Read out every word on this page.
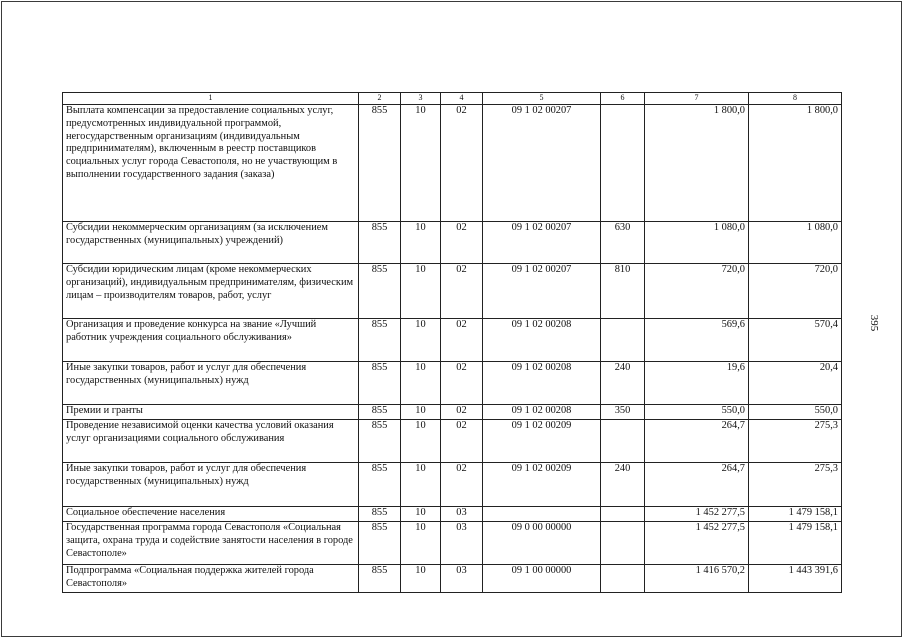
395
1	2	3	4	5	6	7	8
Выплата компенсации за предоставление социальных услуг, предусмотренных индивидуальной программой, негосударственным организациям (индивидуальным предпринимателям), включенным в реестр поставщиков социальных услуг города Севастополя, но не участвующим в выполнении государственного задания (заказа)	855	10	02	09 1 02 00207		1 800,0	1 800,0
Субсидии некоммерческим организациям (за исключением государственных (муниципальных) учреждений)	855	10	02	09 1 02 00207	630	1 080,0	1 080,0
Субсидии юридическим лицам (кроме некоммерческих организаций), индивидуальным предпринимателям, физическим лицам – производителям товаров, работ, услуг	855	10	02	09 1 02 00207	810	720,0	720,0
Организация и проведение конкурса на звание «Лучший работник учреждения социального обслуживания»	855	10	02	09 1 02 00208		569,6	570,4
Иные закупки товаров, работ и услуг для обеспечения государственных (муниципальных) нужд	855	10	02	09 1 02 00208	240	19,6	20,4
Премии и гранты	855	10	02	09 1 02 00208	350	550,0	550,0
Проведение независимой оценки качества условий оказания услуг организациями социального обслуживания	855	10	02	09 1 02 00209		264,7	275,3
Иные закупки товаров, работ и услуг для обеспечения государственных (муниципальных) нужд	855	10	02	09 1 02 00209	240	264,7	275,3
Социальное обеспечение населения	855	10	03			1 452 277,5	1 479 158,1
Государственная программа города Севастополя «Социальная защита, охрана труда и содействие занятости населения в городе Севастополе»	855	10	03	09 0 00 00000		1 452 277,5	1 479 158,1
Подпрограмма «Социальная поддержка жителей города Севастополя»	855	10	03	09 1 00 00000		1 416 570,2	1 443 391,6
